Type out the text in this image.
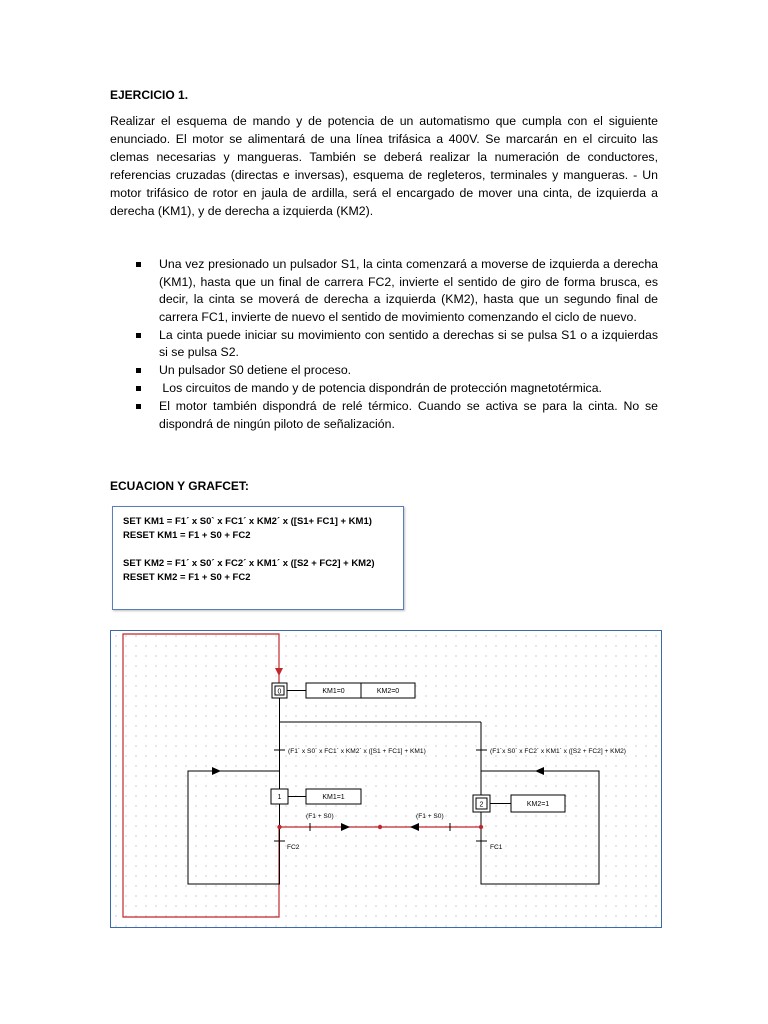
EJERCICIO 1.

Realizar el esquema de mando y de potencia de un automatismo que cumpla con el siguiente enunciado. El motor se alimentará de una línea trifásica a 400V. Se marcarán en el circuito las clemas necesarias y mangueras. También se deberá realizar la numeración de conductores, referencias cruzadas (directas e inversas), esquema de regleteros, terminales y mangueras. - Un motor trifásico de rotor en jaula de ardilla, será el encargado de mover una cinta, de izquierda a derecha (KM1), y de derecha a izquierda (KM2).

Una vez presionado un pulsador S1, la cinta comenzará a moverse de izquierda a derecha (KM1), hasta que un final de carrera FC2, invierte el sentido de giro de forma brusca, es decir, la cinta se moverá de derecha a izquierda (KM2), hasta que un segundo final de carrera FC1, invierte de nuevo el sentido de movimiento comenzando el ciclo de nuevo.
La cinta puede iniciar su movimiento con sentido a derechas si se pulsa S1 o a izquierdas si se pulsa S2.
Un pulsador S0 detiene el proceso.
Los circuitos de mando y de potencia dispondrán de protección magnetotérmica.
El motor también dispondrá de relé térmico. Cuando se activa se para la cinta. No se dispondrá de ningún piloto de señalización.
ECUACION Y GRAFCET:
SET KM1 = F1´ x S0` x FC1´ x KM2´ x ([S1+ FC1] + KM1)
RESET KM1 = F1 + S0 + FC2
SET KM2 = F1´ x S0´ x FC2´ x KM1´ x ([S2 + FC2] + KM2)
RESET KM2 = F1 + S0 + FC2
0	KM1=0	KM2=0
(F1´ x S0´ x FC1´ x KM2´ x ([S1 + FC1] + KM1)	(F1´x S0´ x FC2´ x KM1´ x ([S2 + FC2] + KM2)
1	KM1=1
2	KM2=1
(F1 + S0)	(F1 + S0)
FC2	FC1
